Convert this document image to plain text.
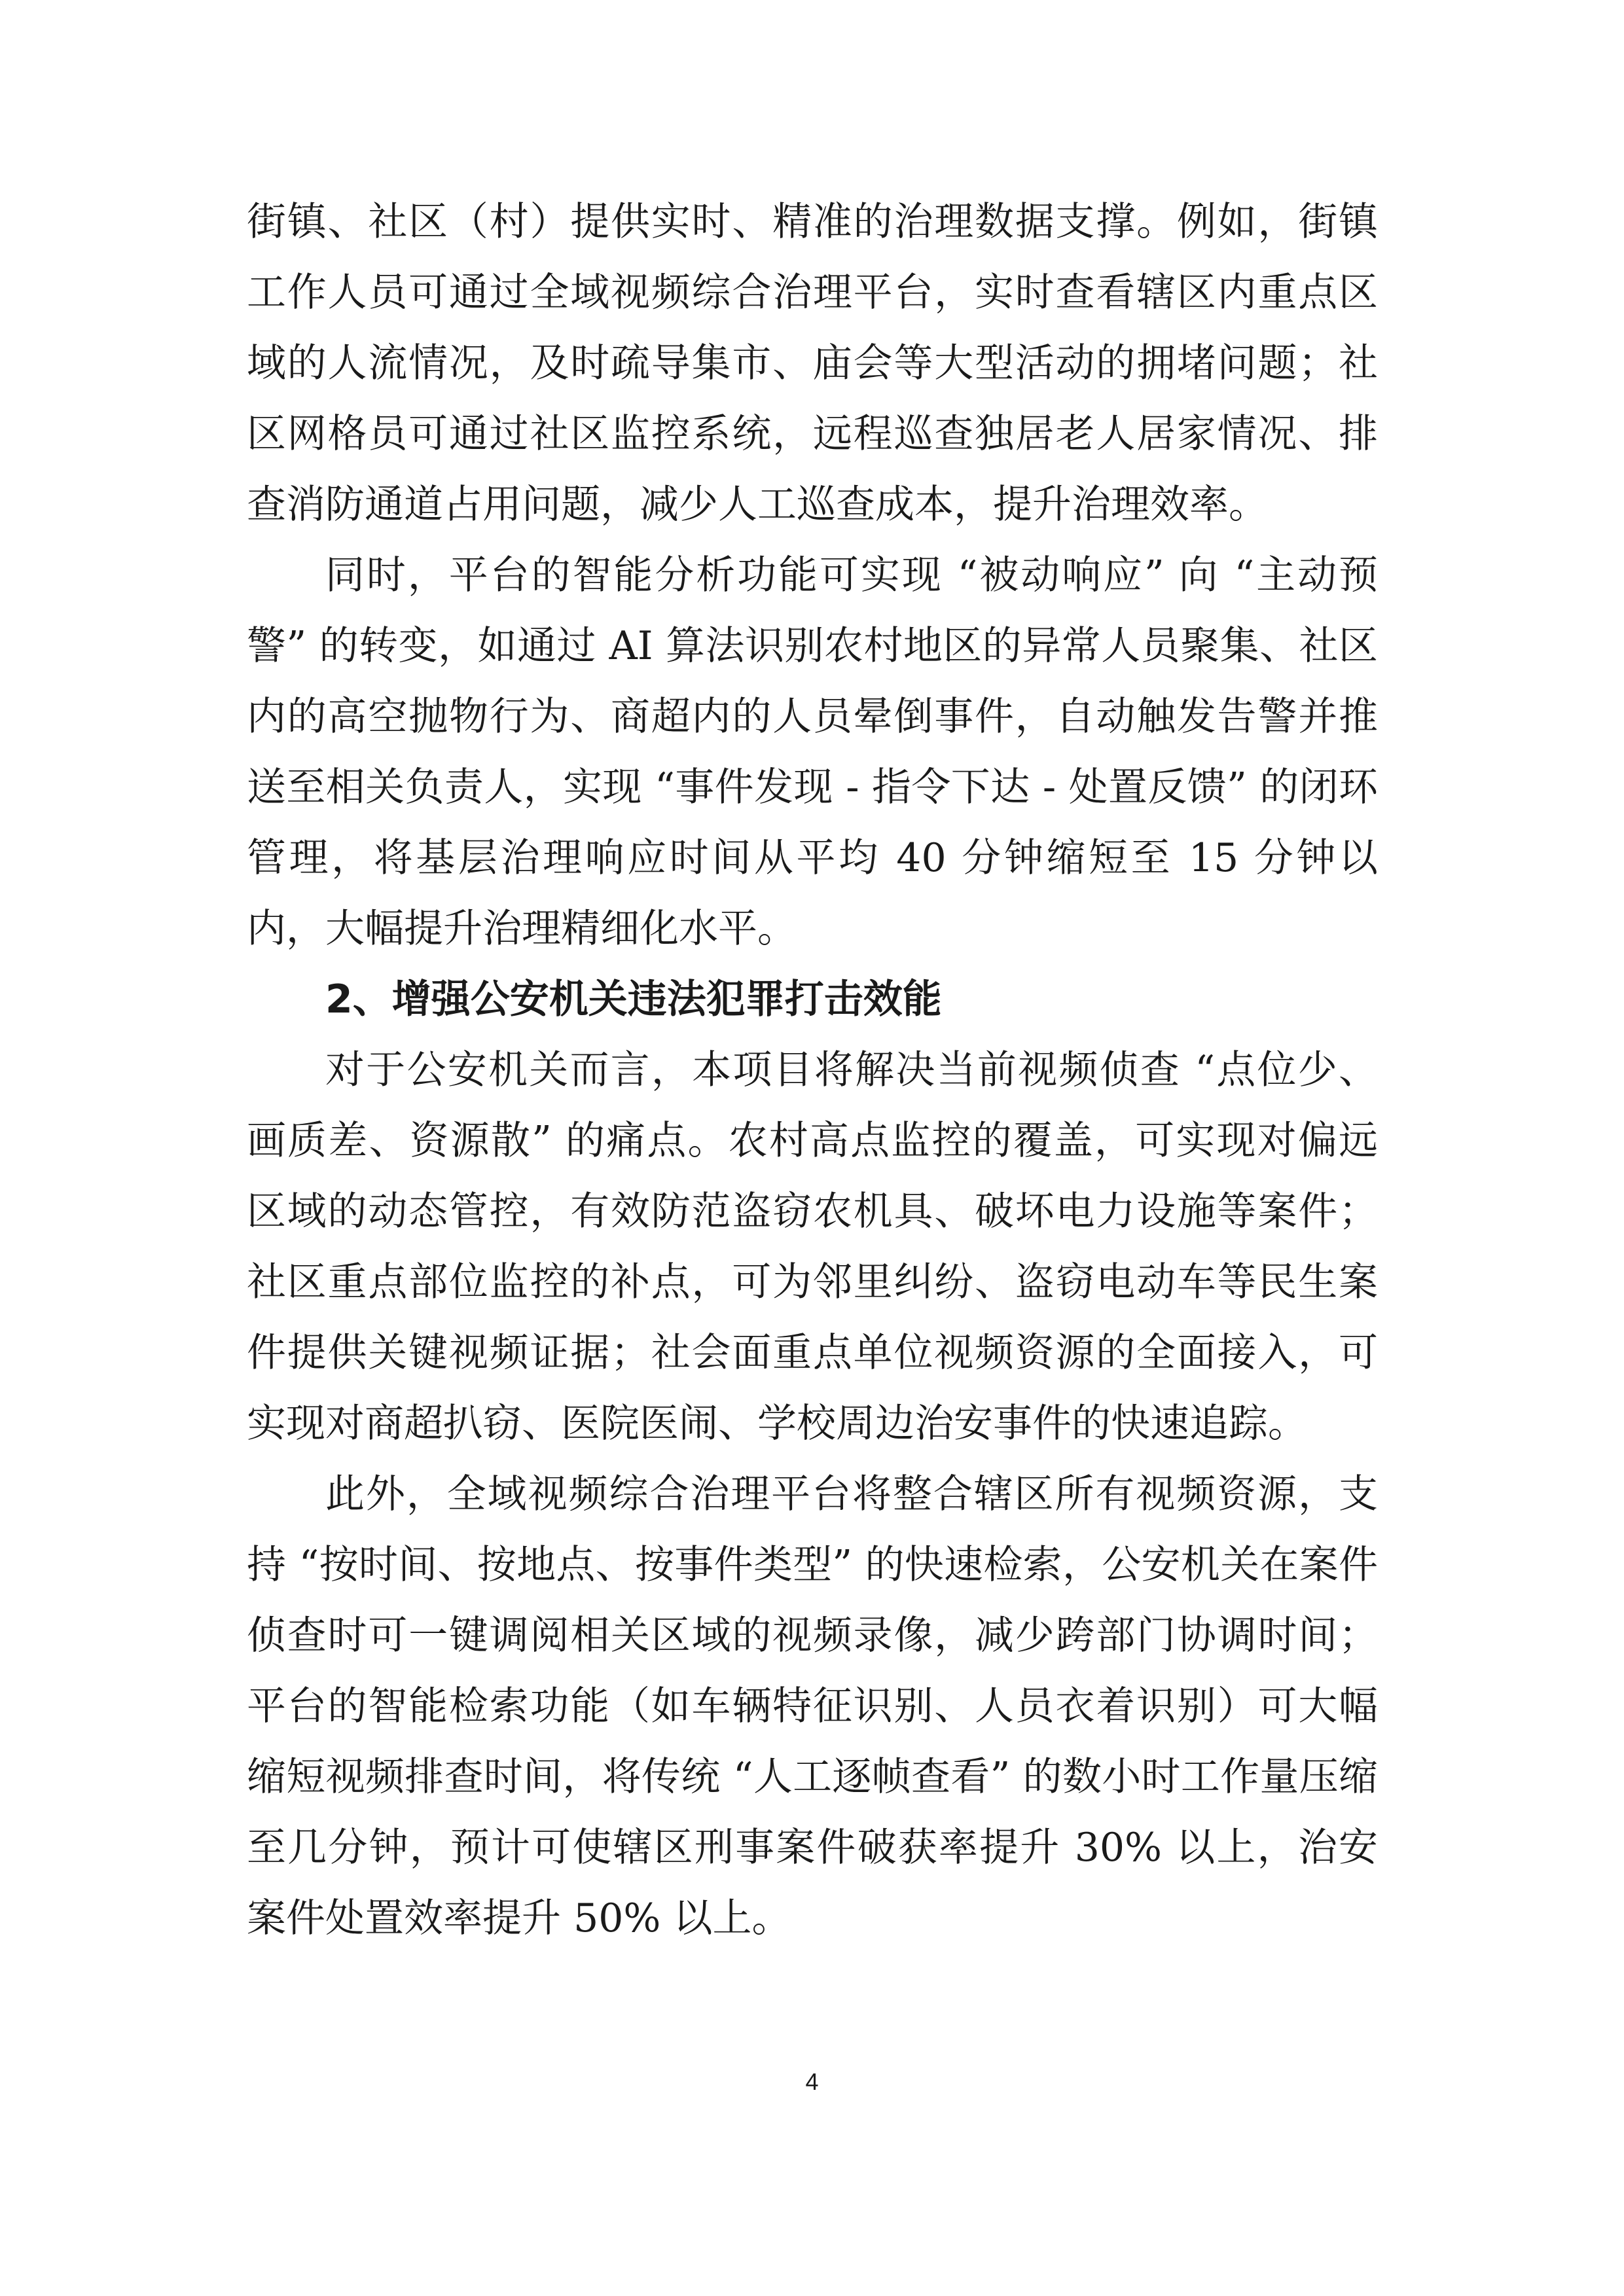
街镇、社区（村）提供实时、精准的治理数据支撑。例如，街镇工作人员可通过全域视频综合治理平台，实时查看辖区内重点区域的人流情况，及时疏导集市、庙会等大型活动的拥堵问题；社区网格员可通过社区监控系统，远程巡查独居老人居家情况、排查消防通道占用问题，减少人工巡查成本，提升治理效率。

同时，平台的智能分析功能可实现 “被动响应” 向 “主动预警” 的转变，如通过 AI 算法识别农村地区的异常人员聚集、社区内的高空抛物行为、商超内的人员晕倒事件，自动触发告警并推送至相关负责人，实现 “事件发现 - 指令下达 - 处置反馈” 的闭环管理，将基层治理响应时间从平均 40 分钟缩短至 15 分钟以内，大幅提升治理精细化水平。

2、增强公安机关违法犯罪打击效能

对于公安机关而言，本项目将解决当前视频侦查 “点位少、画质差、资源散” 的痛点。农村高点监控的覆盖，可实现对偏远区域的动态管控，有效防范盗窃农机具、破坏电力设施等案件；社区重点部位监控的补点，可为邻里纠纷、盗窃电动车等民生案件提供关键视频证据；社会面重点单位视频资源的全面接入，可实现对商超扒窃、医院医闹、学校周边治安事件的快速追踪。

此外，全域视频综合治理平台将整合辖区所有视频资源，支持 “按时间、按地点、按事件类型” 的快速检索，公安机关在案件侦查时可一键调阅相关区域的视频录像，减少跨部门协调时间；平台的智能检索功能（如车辆特征识别、人员衣着识别）可大幅缩短视频排查时间，将传统 “人工逐帧查看” 的数小时工作量压缩至几分钟，预计可使辖区刑事案件破获率提升 30% 以上，治安案件处置效率提升 50% 以上。

4
